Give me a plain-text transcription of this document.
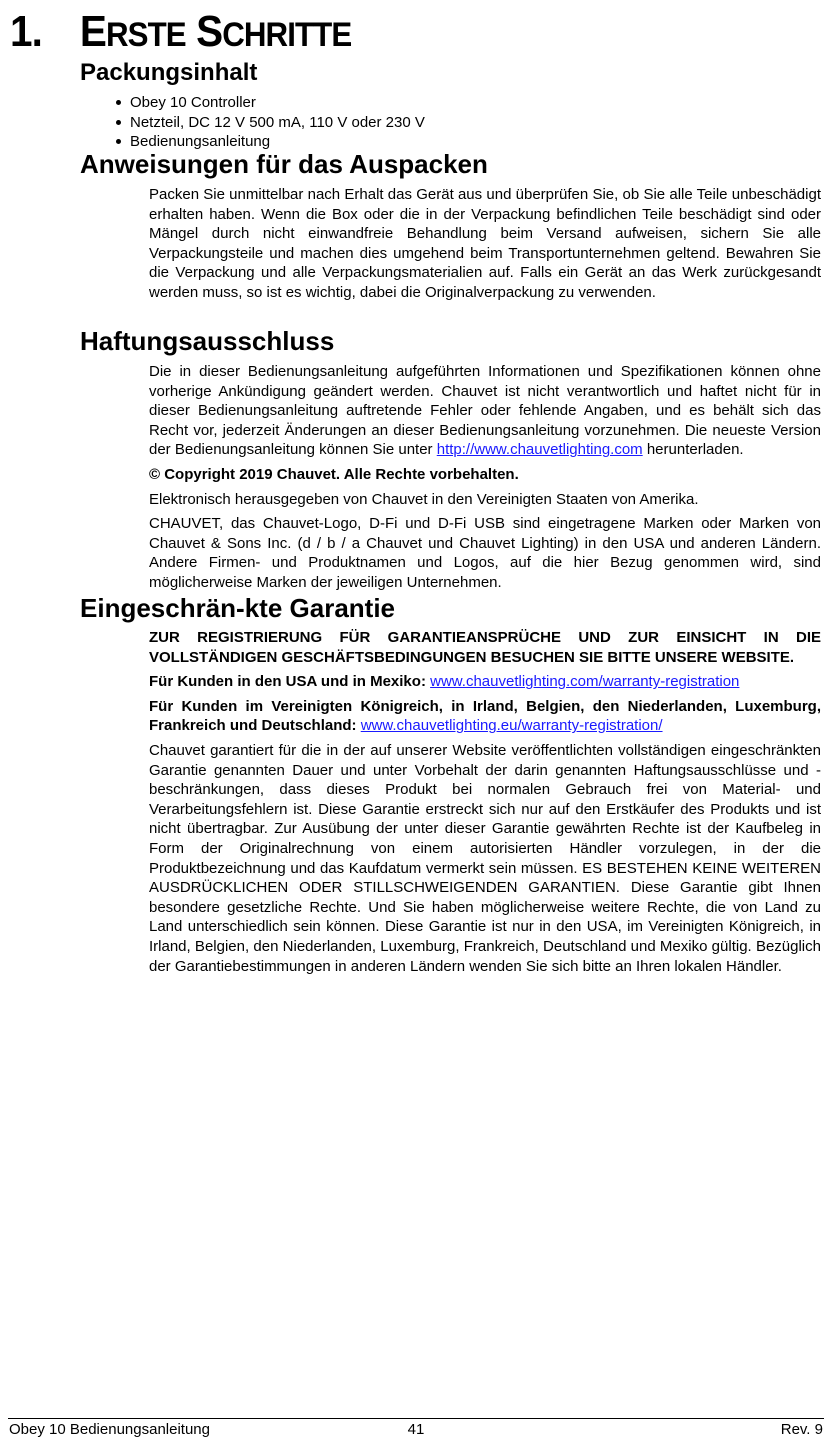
1. ERSTE SCHRITTE
Packungsinhalt
Obey 10 Controller
Netzteil, DC 12 V 500 mA, 110 V oder 230 V
Bedienungsanleitung
Anweisungen für das Auspacken

Packen Sie unmittelbar nach Erhalt das Gerät aus und überprüfen Sie, ob Sie alle Teile unbeschädigt erhalten haben. Wenn die Box oder die in der Verpackung befindlichen Teile beschädigt sind oder Mängel durch nicht einwandfreie Behandlung beim Versand aufweisen, sichern Sie alle Verpackungsteile und machen dies umgehend beim Transportunternehmen geltend. Bewahren Sie die Verpackung und alle Verpackungsmaterialien auf. Falls ein Gerät an das Werk zurückgesandt werden muss, so ist es wichtig, dabei die Originalverpackung zu verwenden.

Haftungsausschluss

Die in dieser Bedienungsanleitung aufgeführten Informationen und Spezifikationen können ohne vorherige Ankündigung geändert werden. Chauvet ist nicht verantwortlich und haftet nicht für in dieser Bedienungsanleitung auftretende Fehler oder fehlende Angaben, und es behält sich das Recht vor, jederzeit Änderungen an dieser Bedienungsanleitung vorzunehmen. Die neueste Version der Bedienungsanleitung können Sie unter http://www.chauvetlighting.com herunterladen.

© Copyright 2019 Chauvet. Alle Rechte vorbehalten.

Elektronisch herausgegeben von Chauvet in den Vereinigten Staaten von Amerika.

CHAUVET, das Chauvet-Logo, D-Fi und D-Fi USB sind eingetragene Marken oder Marken von Chauvet & Sons Inc. (d / b / a Chauvet und Chauvet Lighting) in den USA und anderen Ländern. Andere Firmen- und Produktnamen und Logos, auf die hier Bezug genommen wird, sind möglicherweise Marken der jeweiligen Unternehmen.

Eingeschrän-kte Garantie

ZUR REGISTRIERUNG FÜR GARANTIEANSPRÜCHE UND ZUR EINSICHT IN DIE VOLLSTÄNDIGEN GESCHÄFTSBEDINGUNGEN BESUCHEN SIE BITTE UNSERE WEBSITE.

Für Kunden in den USA und in Mexiko: www.chauvetlighting.com/warranty-registration

Für Kunden im Vereinigten Königreich, in Irland, Belgien, den Niederlanden, Luxemburg, Frankreich und Deutschland: www.chauvetlighting.eu/warranty-registration/

Chauvet garantiert für die in der auf unserer Website veröffentlichten vollständigen eingeschränkten Garantie genannten Dauer und unter Vorbehalt der darin genannten Haftungsausschlüsse und -beschränkungen, dass dieses Produkt bei normalen Gebrauch frei von Material- und Verarbeitungsfehlern ist. Diese Garantie erstreckt sich nur auf den Erstkäufer des Produkts und ist nicht übertragbar. Zur Ausübung der unter dieser Garantie gewährten Rechte ist der Kaufbeleg in Form der Originalrechnung von einem autorisierten Händler vorzulegen, in der die Produktbezeichnung und das Kaufdatum vermerkt sein müssen. ES BESTEHEN KEINE WEITEREN AUSDRÜCKLICHEN ODER STILLSCHWEIGENDEN GARANTIEN. Diese Garantie gibt Ihnen besondere gesetzliche Rechte. Und Sie haben möglicherweise weitere Rechte, die von Land zu Land unterschiedlich sein können. Diese Garantie ist nur in den USA, im Vereinigten Königreich, in Irland, Belgien, den Niederlanden, Luxemburg, Frankreich, Deutschland und Mexiko gültig. Bezüglich der Garantiebestimmungen in anderen Ländern wenden Sie sich bitte an Ihren lokalen Händler.

Obey 10 Bedienungsanleitung	41	Rev. 9
